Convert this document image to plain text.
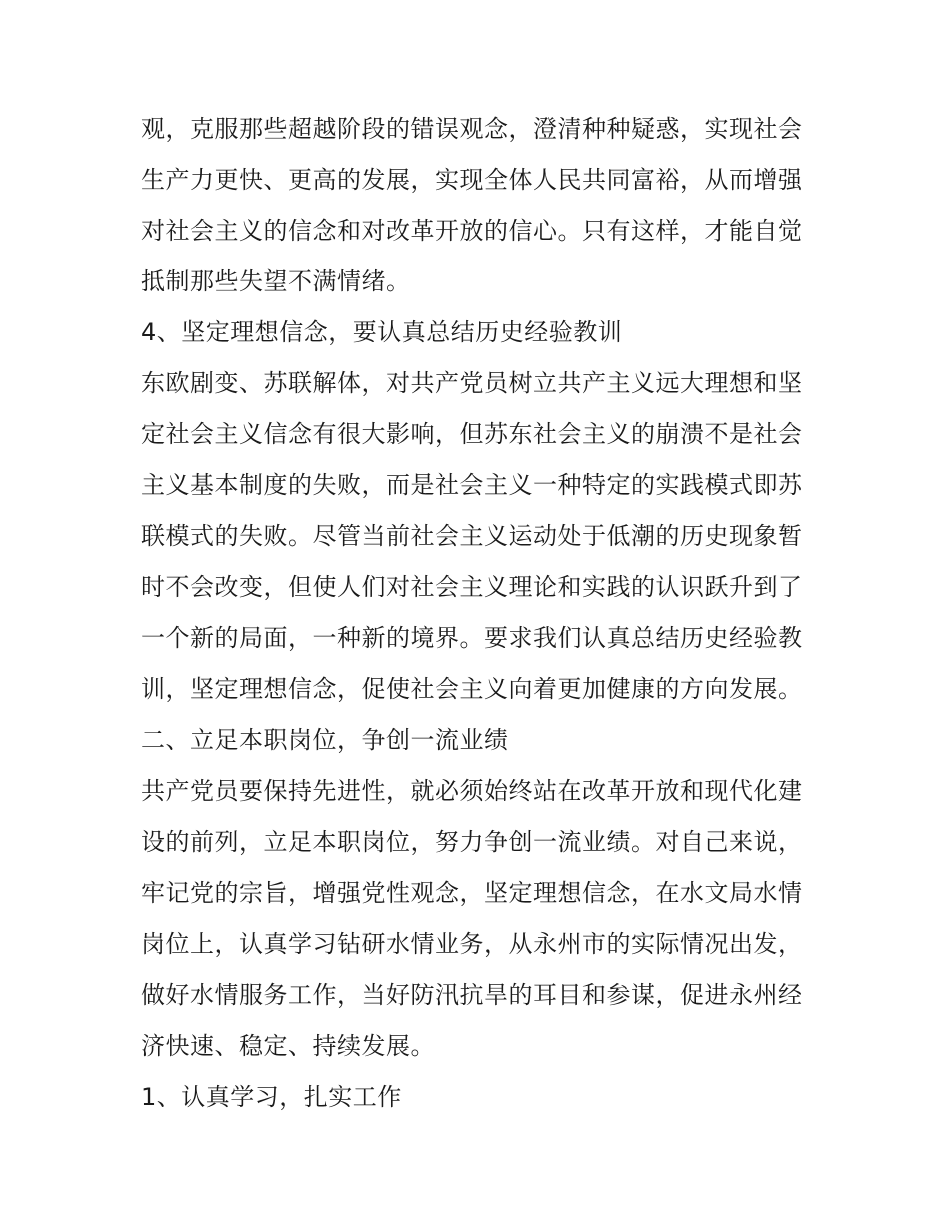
观，克服那些超越阶段的错误观念，澄清种种疑惑，实现社会
生产力更快、更高的发展，实现全体人民共同富裕，从而增强
对社会主义的信念和对改革开放的信心。只有这样，才能自觉
抵制那些失望不满情绪。
4、坚定理想信念，要认真总结历史经验教训
东欧剧变、苏联解体，对共产党员树立共产主义远大理想和坚
定社会主义信念有很大影响，但苏东社会主义的崩溃不是社会
主义基本制度的失败，而是社会主义一种特定的实践模式即苏
联模式的失败。尽管当前社会主义运动处于低潮的历史现象暂
时不会改变，但使人们对社会主义理论和实践的认识跃升到了
一个新的局面，一种新的境界。要求我们认真总结历史经验教
训，坚定理想信念，促使社会主义向着更加健康的方向发展。
二、立足本职岗位，争创一流业绩
共产党员要保持先进性，就必须始终站在改革开放和现代化建
设的前列，立足本职岗位，努力争创一流业绩。对自己来说，
牢记党的宗旨，增强党性观念，坚定理想信念，在水文局水情
岗位上，认真学习钻研水情业务，从永州市的实际情况出发，
做好水情服务工作，当好防汛抗旱的耳目和参谋，促进永州经
济快速、稳定、持续发展。
1、认真学习，扎实工作
